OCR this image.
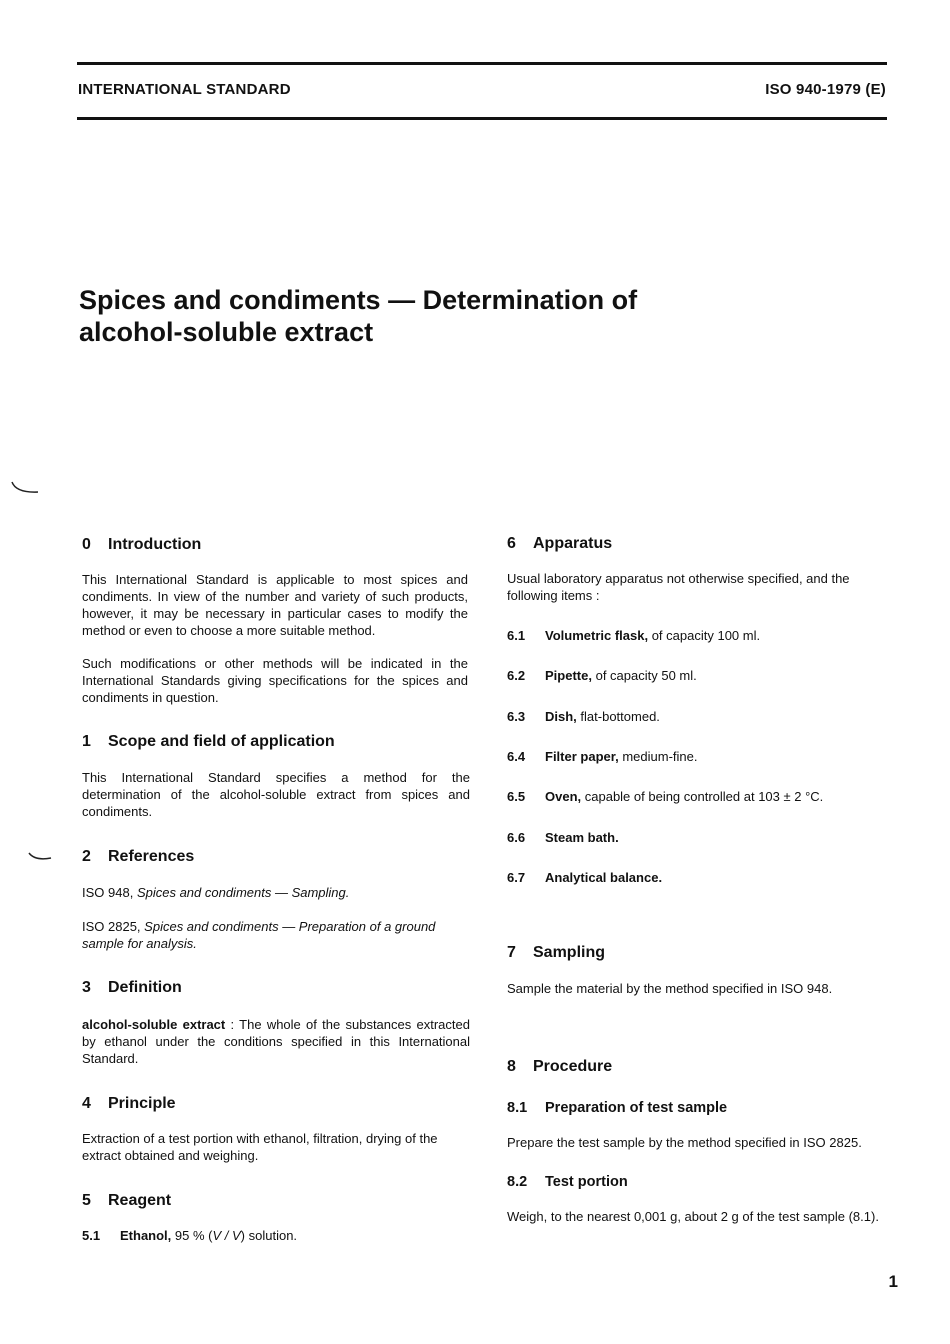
INTERNATIONAL STANDARD	ISO 940-1979 (E)
Spices and condiments — Determination of
alcohol-soluble extract
0 Introduction

This International Standard is applicable to most spices and condiments. In view of the number and variety of such products, however, it may be necessary in particular cases to modify the method or even to choose a more suitable method.

Such modifications or other methods will be indicated in the International Standards giving specifications for the spices and condiments in question.

1 Scope and field of application

This International Standard specifies a method for the determination of the alcohol-soluble extract from spices and condiments.

2 References

ISO 948, Spices and condiments — Sampling.

ISO 2825, Spices and condiments — Preparation of a ground sample for analysis.

3 Definition

alcohol-soluble extract : The whole of the substances extracted by ethanol under the conditions specified in this International Standard.

4 Principle

Extraction of a test portion with ethanol, filtration, drying of the extract obtained and weighing.

5 Reagent

5.1 Ethanol, 95 % (V / V) solution.

6 Apparatus

Usual laboratory apparatus not otherwise specified, and the following items :

6.1 Volumetric flask, of capacity 100 ml.

6.2 Pipette, of capacity 50 ml.

6.3 Dish, flat-bottomed.

6.4 Filter paper, medium-fine.

6.5 Oven, capable of being controlled at 103 ± 2 °C.

6.6 Steam bath.

6.7 Analytical balance.

7 Sampling

Sample the material by the method specified in ISO 948.

8 Procedure
8.1 Preparation of test sample

Prepare the test sample by the method specified in ISO 2825.

8.2 Test portion

Weigh, to the nearest 0,001 g, about 2 g of the test sample (8.1).

1
